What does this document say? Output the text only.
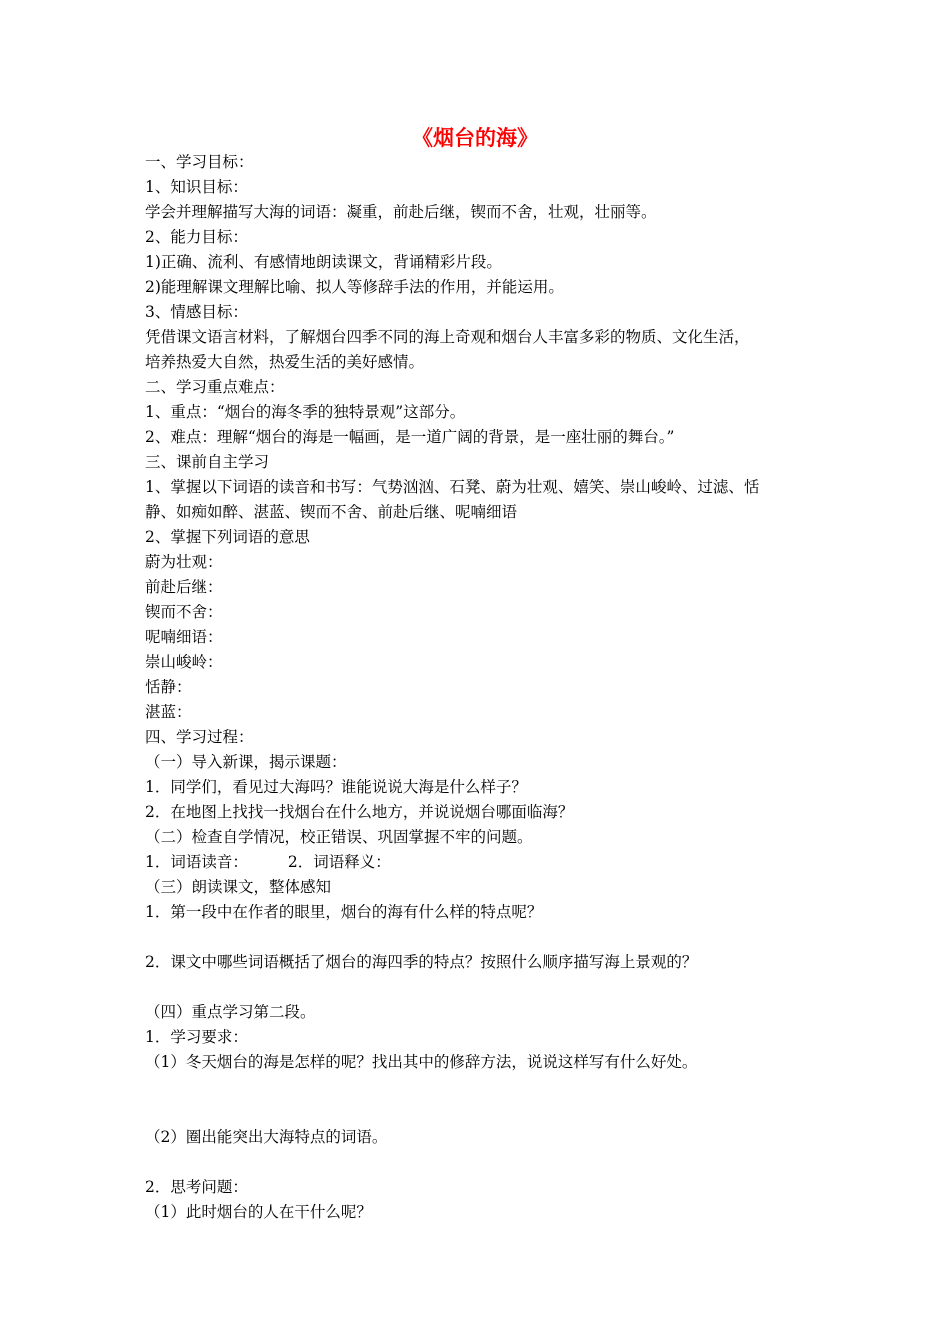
《烟台的海》
一、学习目标：
1、知识目标：
学会并理解描写大海的词语：凝重，前赴后继，锲而不舍，壮观，壮丽等。
2、能力目标：
1)正确、流利、有感情地朗读课文，背诵精彩片段。
2)能理解课文理解比喻、拟人等修辞手法的作用，并能运用。
3、情感目标：
凭借课文语言材料，了解烟台四季不同的海上奇观和烟台人丰富多彩的物质、文化生活，
培养热爱大自然，热爱生活的美好感情。
二、学习重点难点：
1、重点：“烟台的海冬季的独特景观”这部分。
2、难点：理解“烟台的海是一幅画，是一道广阔的背景，是一座壮丽的舞台。”
三、课前自主学习
1、掌握以下词语的读音和书写：气势汹汹、石凳、蔚为壮观、嬉笑、崇山峻岭、过滤、恬
静、如痴如醉、湛蓝、锲而不舍、前赴后继、呢喃细语
2、掌握下列词语的意思
蔚为壮观：
前赴后继：
锲而不舍：
呢喃细语：
崇山峻岭：
恬静：
湛蓝：
四、学习过程：
（一）导入新课，揭示课题：
1．同学们，看见过大海吗？谁能说说大海是什么样子？
2．在地图上找找一找烟台在什么地方，并说说烟台哪面临海？
（二）检查自学情况，校正错误、巩固掌握不牢的问题。
1．词语读音：	2．词语释义：
（三）朗读课文，整体感知
1．第一段中在作者的眼里，烟台的海有什么样的特点呢？
2．课文中哪些词语概括了烟台的海四季的特点？按照什么顺序描写海上景观的？
（四）重点学习第二段。
1．学习要求：
（1）冬天烟台的海是怎样的呢？找出其中的修辞方法，说说这样写有什么好处。
（2）圈出能突出大海特点的词语。
2．思考问题：
（1）此时烟台的人在干什么呢？
